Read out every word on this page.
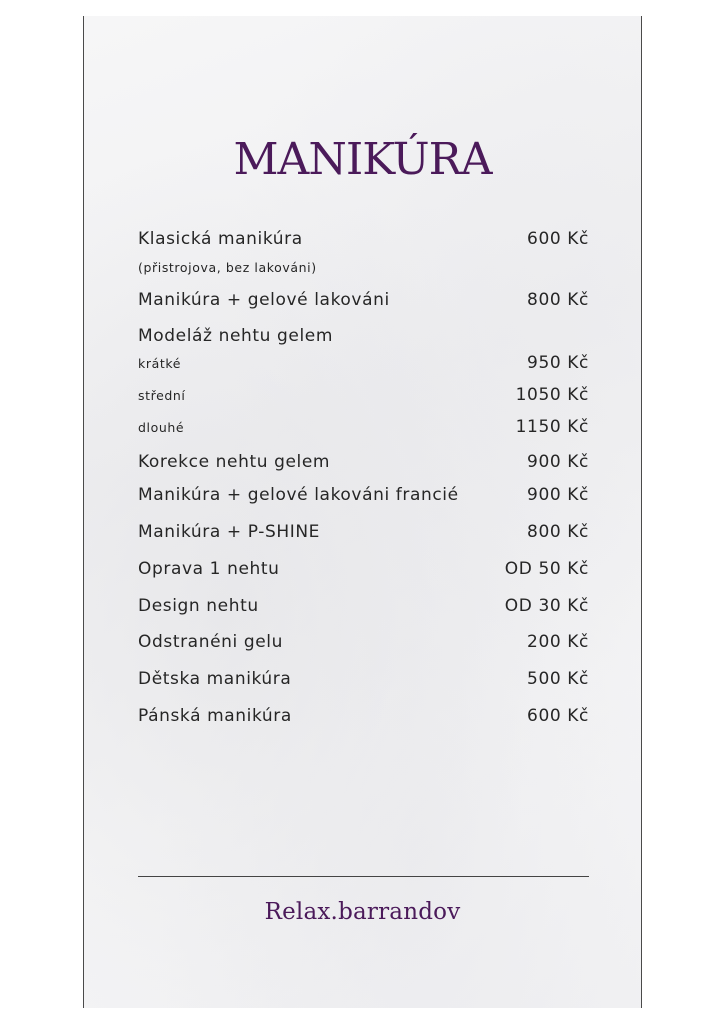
MANIKÚRA
Klasická manikúra	600 Kč
(přistrojova, bez lakováni)
Manikúra + gelové lakováni	800 Kč
Modeláž nehtu gelem
krátké	950 Kč
střední	1050 Kč
dlouhé	1150 Kč
Korekce nehtu gelem	900 Kč
Manikúra + gelové lakováni francié	900 Kč
Manikúra + P-SHINE	800 Kč
Oprava 1 nehtu	OD 50 Kč
Design nehtu	OD 30 Kč
Odstranéni gelu	200 Kč
Dětska manikúra	500 Kč
Pánská manikúra	600 Kč
Relax.barrandov
